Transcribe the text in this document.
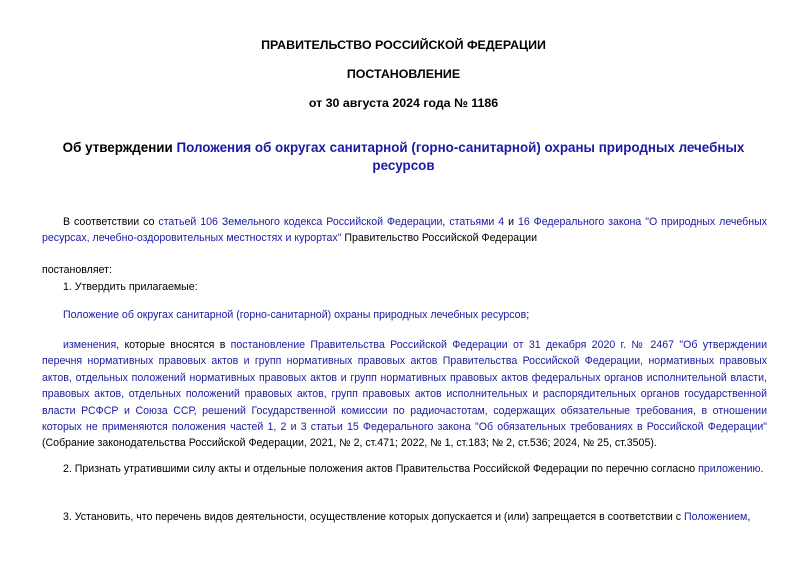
ПРАВИТЕЛЬСТВО РОССИЙСКОЙ ФЕДЕРАЦИИ
ПОСТАНОВЛЕНИЕ
от 30 августа 2024 года № 1186
Об утверждении Положения об округах санитарной (горно-санитарной) охраны природных лечебных ресурсов
В соответствии со статьей 106 Земельного кодекса Российской Федерации, статьями 4 и 16 Федерального закона "О природных лечебных ресурсах, лечебно-оздоровительных местностях и курортах" Правительство Российской Федерации
постановляет:
1. Утвердить прилагаемые:
Положение об округах санитарной (горно-санитарной) охраны природных лечебных ресурсов;
изменения, которые вносятся в постановление Правительства Российской Федерации от 31 декабря 2020 г. № 2467 "Об утверждении перечня нормативных правовых актов и групп нормативных правовых актов Правительства Российской Федерации, нормативных правовых актов, отдельных положений нормативных правовых актов и групп нормативных правовых актов федеральных органов исполнительной власти, правовых актов, отдельных положений правовых актов, групп правовых актов исполнительных и распорядительных органов государственной власти РСФСР и Союза ССР, решений Государственной комиссии по радиочастотам, содержащих обязательные требования, в отношении которых не применяются положения частей 1, 2 и 3 статьи 15 Федерального закона "Об обязательных требованиях в Российской Федерации" (Собрание законодательства Российской Федерации, 2021, № 2, ст.471; 2022, № 1, ст.183; № 2, ст.536; 2024, № 25, ст.3505).
2. Признать утратившими силу акты и отдельные положения актов Правительства Российской Федерации по перечню согласно приложению.
3. Установить, что перечень видов деятельности, осуществление которых допускается и (или) запрещается в соответствии с Положением,
